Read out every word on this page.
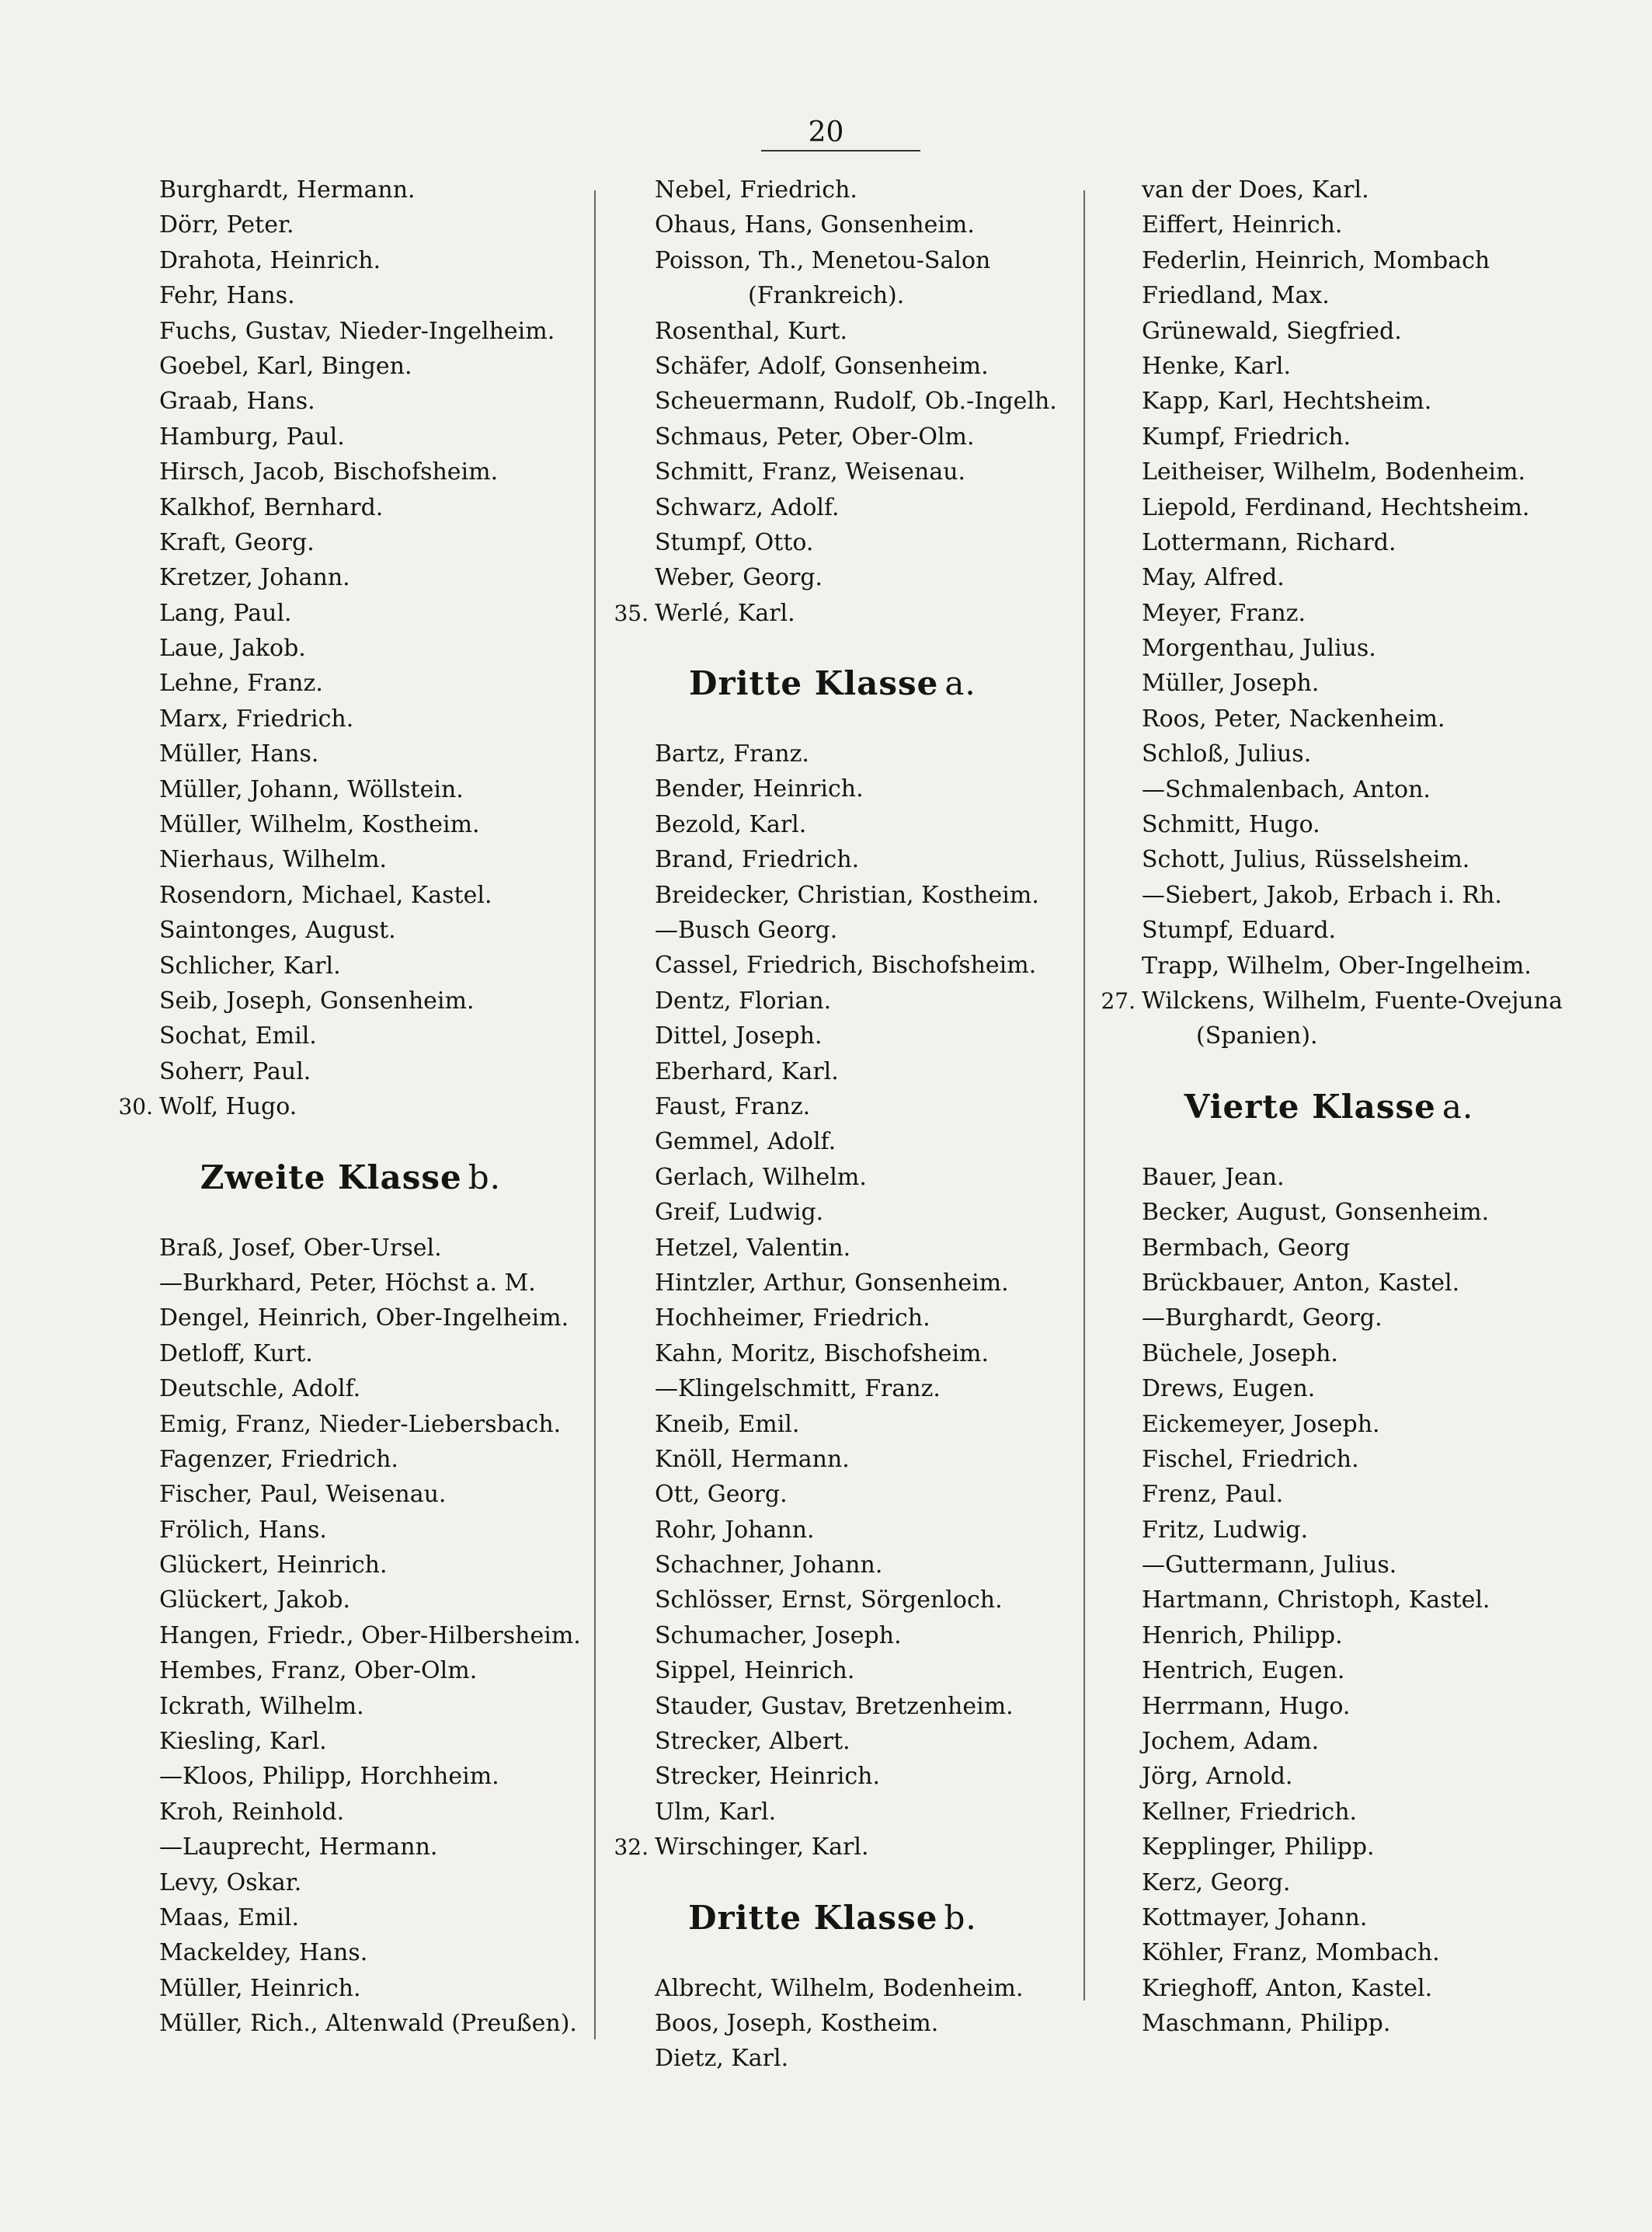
20
Burghardt, Hermann.
Dörr, Peter.
Drahota, Heinrich.
Fehr, Hans.
Fuchs, Gustav, Nieder-Ingelheim.
Goebel, Karl, Bingen.
Graab, Hans.
Hamburg, Paul.
Hirsch, Jacob, Bischofsheim.
Kalkhof, Bernhard.
Kraft, Georg.
Kretzer, Johann.
Lang, Paul.
Laue, Jakob.
Lehne, Franz.
Marx, Friedrich.
Müller, Hans.
Müller, Johann, Wöllstein.
Müller, Wilhelm, Kostheim.
Nierhaus, Wilhelm.
Rosendorn, Michael, Kastel.
Saintonges, August.
Schlicher, Karl.
Seib, Joseph, Gonsenheim.
Sochat, Emil.
Soherr, Paul.
30. Wolf, Hugo.
Zweite Klasse b.
Braß, Josef, Ober-Ursel.
—Burkhard, Peter, Höchst a. M.
Dengel, Heinrich, Ober-Ingelheim.
Detloff, Kurt.
Deutschle, Adolf.
Emig, Franz, Nieder-Liebersbach.
Fagenzer, Friedrich.
Fischer, Paul, Weisenau.
Frölich, Hans.
Glückert, Heinrich.
Glückert, Jakob.
Hangen, Friedr., Ober-Hilbersheim.
Hembes, Franz, Ober-Olm.
Ickrath, Wilhelm.
Kiesling, Karl.
—Kloos, Philipp, Horchheim.
Kroh, Reinhold.
—Lauprecht, Hermann.
Levy, Oskar.
Maas, Emil.
Mackeldey, Hans.
Müller, Heinrich.
Müller, Rich., Altenwald (Preußen).
Nebel, Friedrich.
Ohaus, Hans, Gonsenheim.
Poisson, Th., Menetou-Salon
(Frankreich).
Rosenthal, Kurt.
Schäfer, Adolf, Gonsenheim.
Scheuermann, Rudolf, Ob.-Ingelh.
Schmaus, Peter, Ober-Olm.
Schmitt, Franz, Weisenau.
Schwarz, Adolf.
Stumpf, Otto.
Weber, Georg.
35. Werlé, Karl.
Dritte Klasse a.
Bartz, Franz.
Bender, Heinrich.
Bezold, Karl.
Brand, Friedrich.
Breidecker, Christian, Kostheim.
—Busch Georg.
Cassel, Friedrich, Bischofsheim.
Dentz, Florian.
Dittel, Joseph.
Eberhard, Karl.
Faust, Franz.
Gemmel, Adolf.
Gerlach, Wilhelm.
Greif, Ludwig.
Hetzel, Valentin.
Hintzler, Arthur, Gonsenheim.
Hochheimer, Friedrich.
Kahn, Moritz, Bischofsheim.
—Klingelschmitt, Franz.
Kneib, Emil.
Knöll, Hermann.
Ott, Georg.
Rohr, Johann.
Schachner, Johann.
Schlösser, Ernst, Sörgenloch.
Schumacher, Joseph.
Sippel, Heinrich.
Stauder, Gustav, Bretzenheim.
Strecker, Albert.
Strecker, Heinrich.
Ulm, Karl.
32. Wirschinger, Karl.
Dritte Klasse b.
Albrecht, Wilhelm, Bodenheim.
Boos, Joseph, Kostheim.
Dietz, Karl.
van der Does, Karl.
Eiffert, Heinrich.
Federlin, Heinrich, Mombach
Friedland, Max.
Grünewald, Siegfried.
Henke, Karl.
Kapp, Karl, Hechtsheim.
Kumpf, Friedrich.
Leitheiser, Wilhelm, Bodenheim.
Liepold, Ferdinand, Hechtsheim.
Lottermann, Richard.
May, Alfred.
Meyer, Franz.
Morgenthau, Julius.
Müller, Joseph.
Roos, Peter, Nackenheim.
Schloß, Julius.
—Schmalenbach, Anton.
Schmitt, Hugo.
Schott, Julius, Rüsselsheim.
—Siebert, Jakob, Erbach i. Rh.
Stumpf, Eduard.
Trapp, Wilhelm, Ober-Ingelheim.
27. Wilckens, Wilhelm, Fuente-Ovejuna
(Spanien).
Vierte Klasse a.
Bauer, Jean.
Becker, August, Gonsenheim.
Bermbach, Georg
Brückbauer, Anton, Kastel.
—Burghardt, Georg.
Büchele, Joseph.
Drews, Eugen.
Eickemeyer, Joseph.
Fischel, Friedrich.
Frenz, Paul.
Fritz, Ludwig.
—Guttermann, Julius.
Hartmann, Christoph, Kastel.
Henrich, Philipp.
Hentrich, Eugen.
Herrmann, Hugo.
Jochem, Adam.
Jörg, Arnold.
Kellner, Friedrich.
Kepplinger, Philipp.
Kerz, Georg.
Kottmayer, Johann.
Köhler, Franz, Mombach.
Krieghoff, Anton, Kastel.
Maschmann, Philipp.
